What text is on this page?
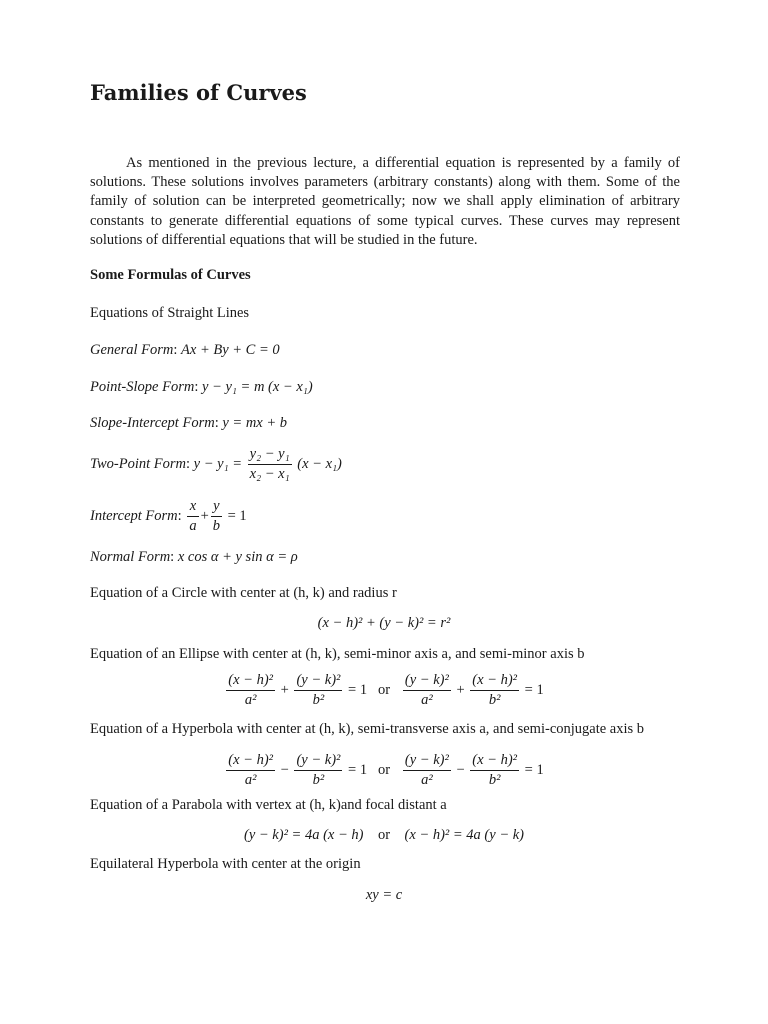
Families of Curves
As mentioned in the previous lecture, a differential equation is represented by a family of solutions. These solutions involves parameters (arbitrary constants) along with them. Some of the family of solution can be interpreted geometrically; now we shall apply elimination of arbitrary constants to generate differential equations of some typical curves. These curves may represent solutions of differential equations that will be studied in the future.
Some Formulas of Curves
Equations of Straight Lines
General Form: Ax + By + C = 0
Point-Slope Form: y − y₁ = m (x − x₁)
Slope-Intercept Form: y = mx + b
Two-Point Form: $y - y_1 = \frac{\text{y₂ − y₁}}{\text{x₂ − x₁}} (x - x_1)$
Intercept Form: $\frac{x}{a} + \frac{y}{b} = 1$
Normal Form: x cos α + y sin α = ρ
Equation of a Circle with center at (h, k) and radius r
(x − h)² + (y − k)² = r²
Equation of an Ellipse with center at (h, k), semi-minor axis a, and semi-minor axis b
$\frac{\text{(x − h)²}}{\text{a²}} + \frac{\text{(y − k)²}}{\text{b²}} = 1$ or $\frac{\text{(y − k)²}}{\text{a²}} + \frac{\text{(x − h)²}}{\text{b²}} = 1$
Equation of a Hyperbola with center at (h, k), semi-transverse axis a, and semi-conjugate axis b
$\frac{\text{(x − h)²}}{\text{a²}} - \frac{\text{(y − k)²}}{\text{b²}} = 1$ or $\frac{\text{(y − k)²}}{\text{a²}} - \frac{\text{(x − h)²}}{\text{b²}} = 1$
Equation of a Parabola with vertex at (h, k)and focal distant a
(y − k)² = 4a (x − h) or (x − h)² = 4a (y − k)
Equilateral Hyperbola with center at the origin
xy = c
